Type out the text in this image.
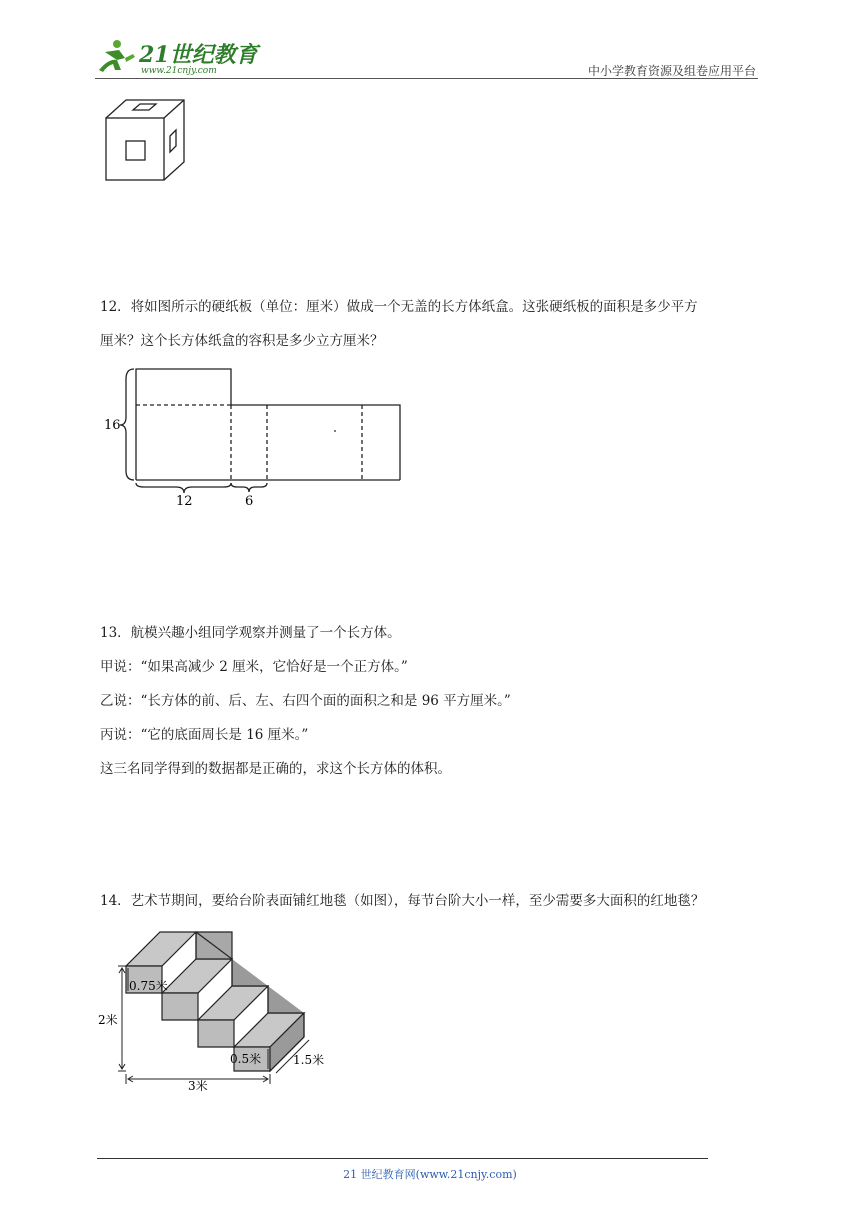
21世纪教育
www.21cnjy.com	中小学教育资源及组卷应用平台

12．将如图所示的硬纸板（单位：厘米）做成一个无盖的长方体纸盒。这张硬纸板的面积是多少平方

厘米？这个长方体纸盒的容积是多少立方厘米？

16
12	6

13．航模兴趣小组同学观察并测量了一个长方体。

甲说：“如果高减少 2 厘米，它恰好是一个正方体。”

乙说：“长方体的前、后、左、右四个面的面积之和是 96 平方厘米。”

丙说：“它的底面周长是 16 厘米。”

这三名同学得到的数据都是正确的，求这个长方体的体积。

14．艺术节期间，要给台阶表面铺红地毯（如图），每节台阶大小一样，至少需要多大面积的红地毯？

0.75米
2米
0.5米	1.5米
3米
21 世纪教育网(www.21cnjy.com)
